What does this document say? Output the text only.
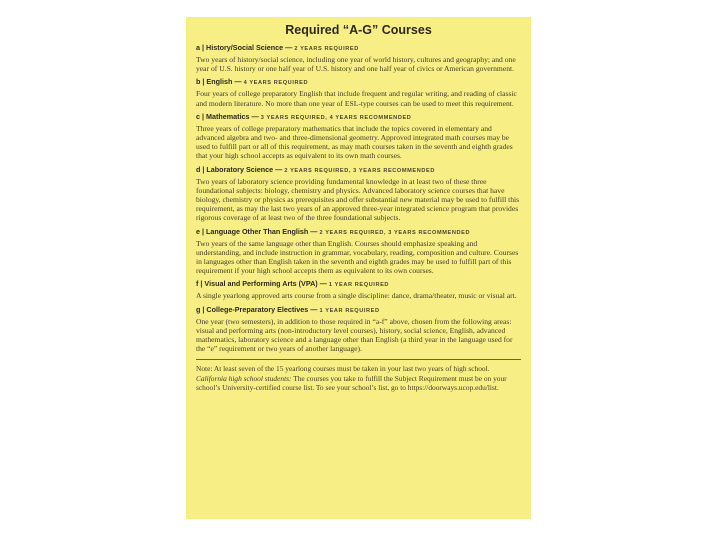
Required “A-G” Courses
a | History/Social Science — 2 YEARS REQUIRED
Two years of history/social science, including one year of world history, cultures and geography; and one year of U.S. history or one half year of U.S. history and one half year of civics or American government.
b | English — 4 YEARS REQUIRED
Four years of college preparatory English that include frequent and regular writing, and reading of classic and modern literature. No more than one year of ESL-type courses can be used to meet this requirement.
c | Mathematics — 3 YEARS REQUIRED, 4 YEARS RECOMMENDED
Three years of college preparatory mathematics that include the topics covered in elementary and advanced algebra and two- and three-dimensional geometry. Approved integrated math courses may be used to fulfill part or all of this requirement, as may math courses taken in the seventh and eighth grades that your high school accepts as equivalent to its own math courses.
d | Laboratory Science — 2 YEARS REQUIRED, 3 YEARS RECOMMENDED
Two years of laboratory science providing fundamental knowledge in at least two of these three foundational subjects: biology, chemistry and physics. Advanced laboratory science courses that have biology, chemistry or physics as prerequisites and offer substantial new material may be used to fulfill this requirement, as may the last two years of an approved three-year integrated science program that provides rigorous coverage of at least two of the three foundational subjects.
e | Language Other Than English — 2 YEARS REQUIRED, 3 YEARS RECOMMENDED
Two years of the same language other than English. Courses should emphasize speaking and understanding, and include instruction in grammar, vocabulary, reading, composition and culture. Courses in languages other than English taken in the seventh and eighth grades may be used to fulfill part of this requirement if your high school accepts them as equivalent to its own courses.
f | Visual and Performing Arts (VPA) — 1 YEAR REQUIRED
A single yearlong approved arts course from a single discipline: dance, drama/theater, music or visual art.
g | College-Preparatory Electives — 1 YEAR REQUIRED
One year (two semesters), in addition to those required in “a-f” above, chosen from the following areas: visual and performing arts (non-introductory level courses), history, social science, English, advanced mathematics, laboratory science and a language other than English (a third year in the language used for the “e” requirement or two years of another language).
Note: At least seven of the 15 yearlong courses must be taken in your last two years of high school. California high school students: The courses you take to fulfill the Subject Requirement must be on your school’s University-certified course list. To see your school’s list, go to https://doorways.ucop.edu/list.
